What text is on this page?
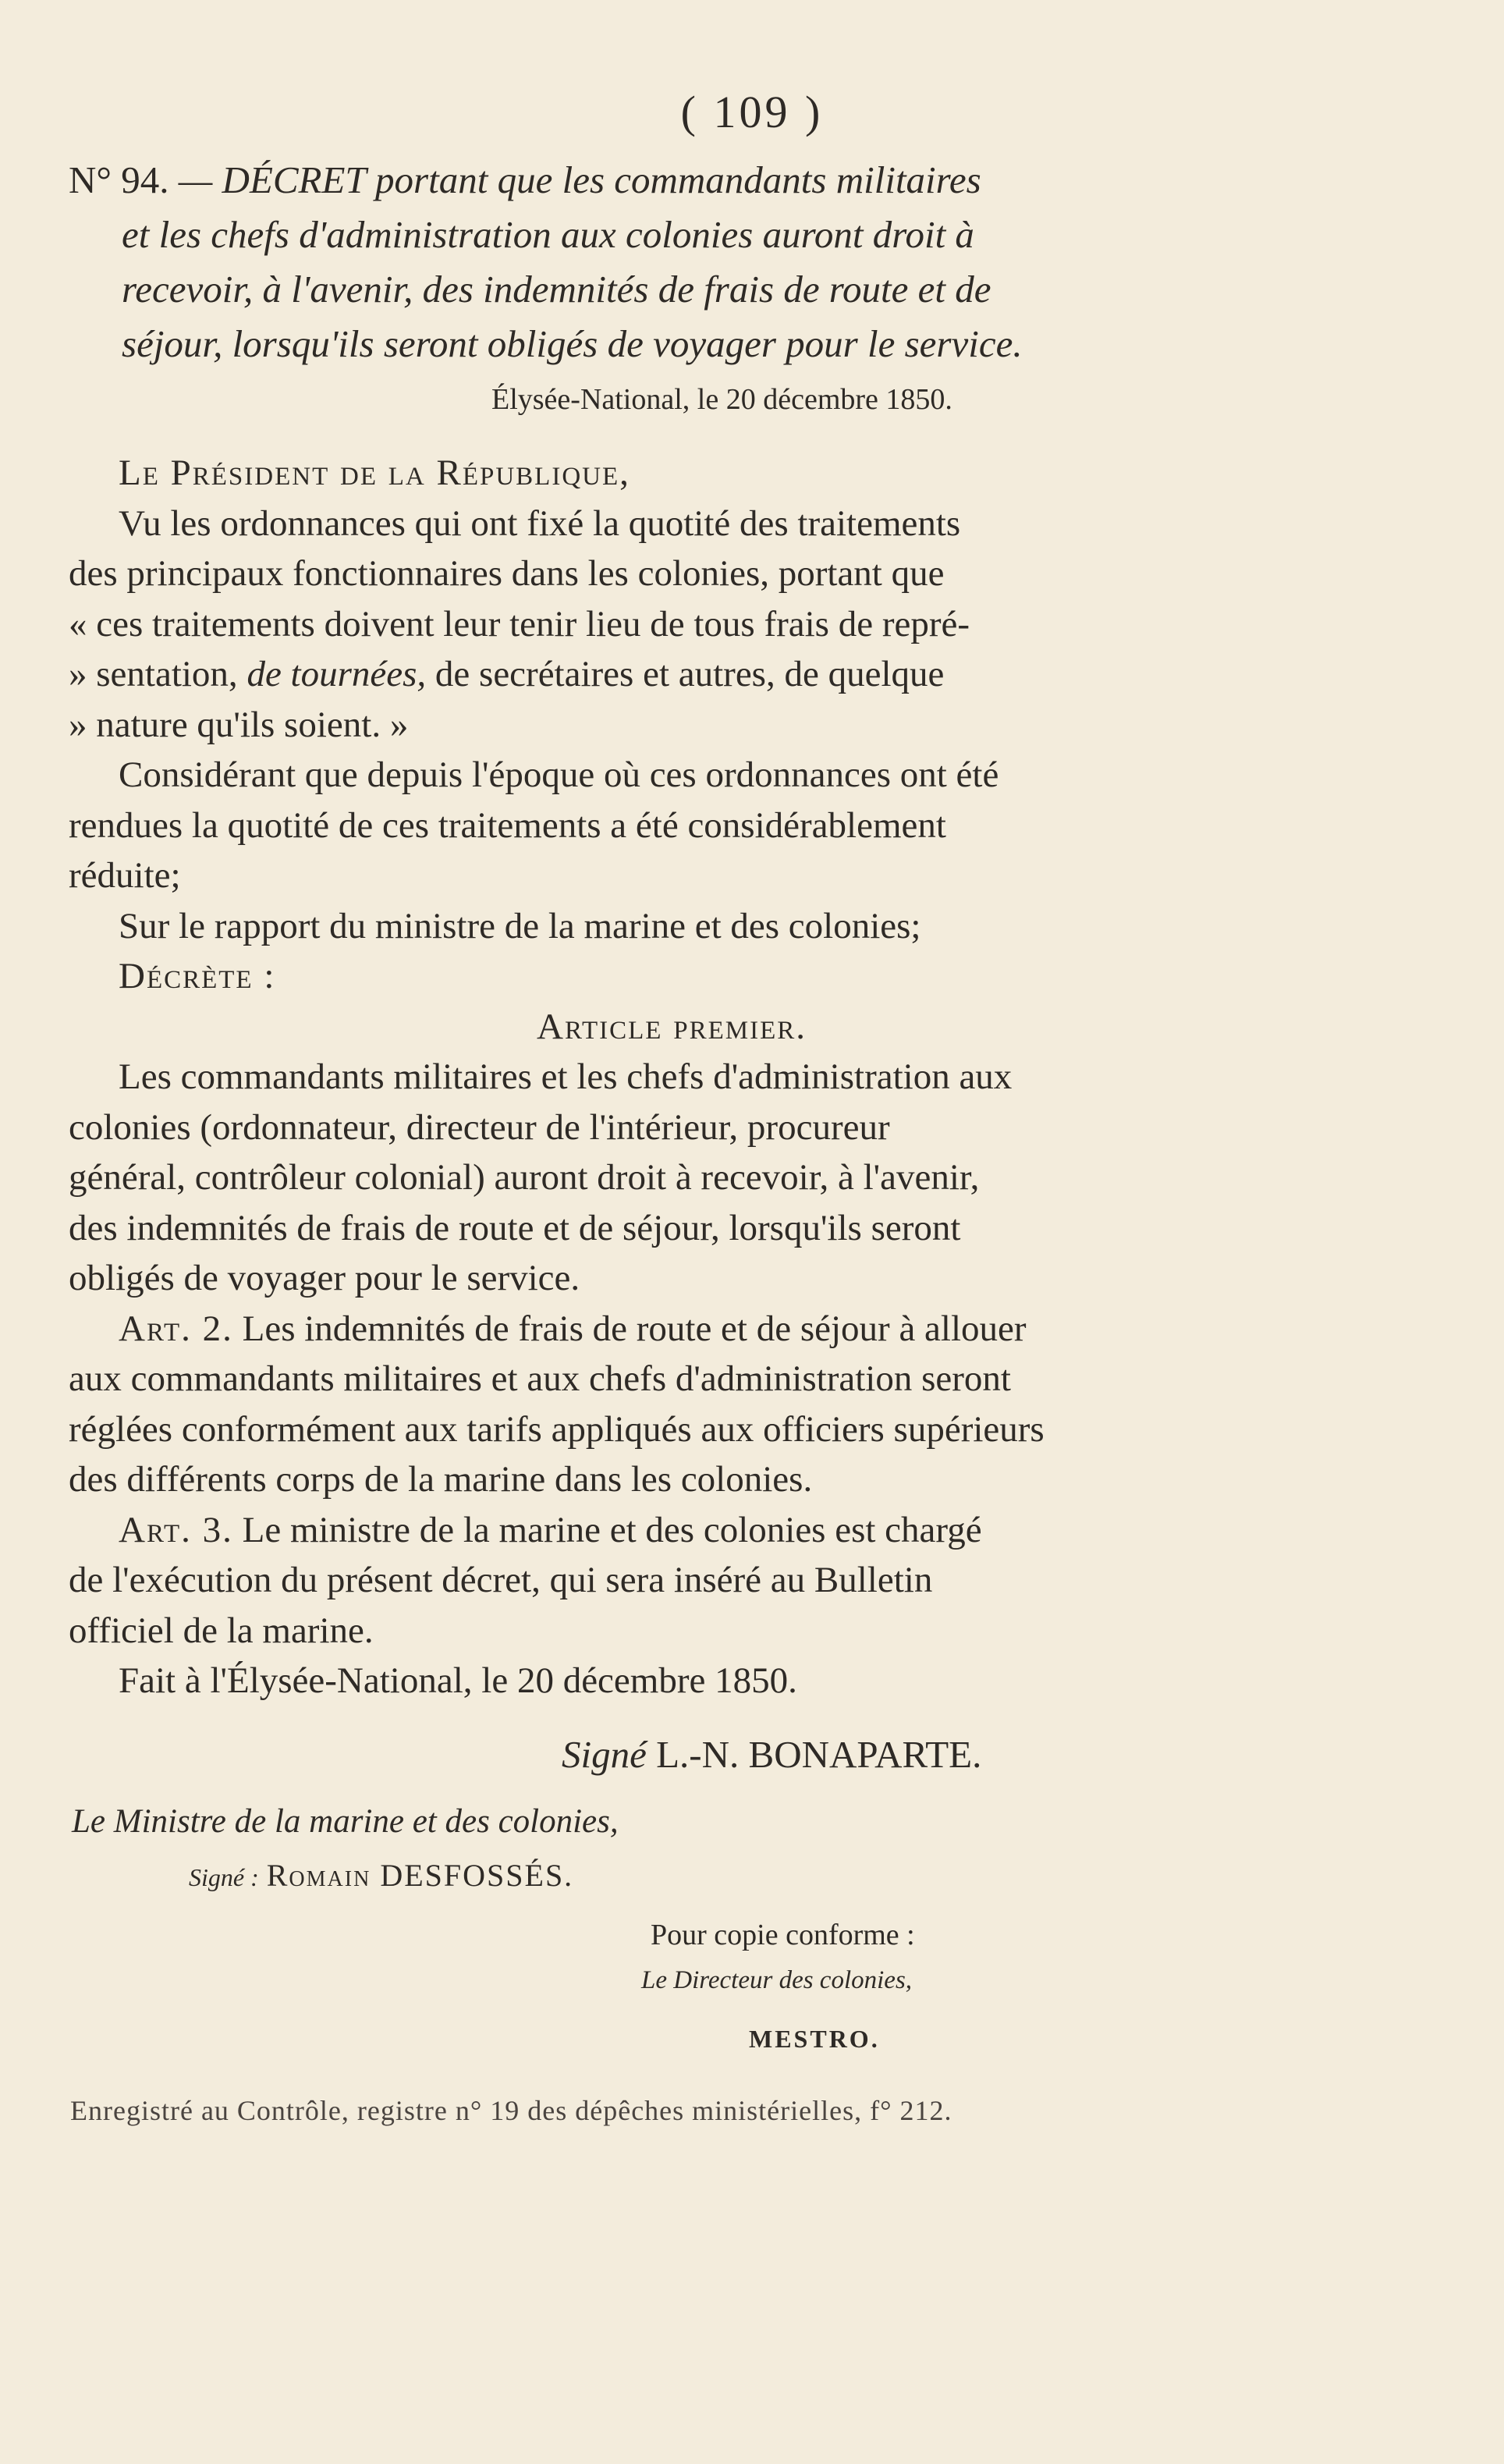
( 109 )
N° 94. — DÉCRET portant que les commandants militaires
et les chefs d'administration aux colonies auront droit à
recevoir, à l'avenir, des indemnités de frais de route et de
séjour, lorsqu'ils seront obligés de voyager pour le service.
Élysée-National, le 20 décembre 1850.

Le Président de la République,

Vu les ordonnances qui ont fixé la quotité des traitements

des principaux fonctionnaires dans les colonies, portant que

« ces traitements doivent leur tenir lieu de tous frais de repré-

» sentation, de tournées, de secrétaires et autres, de quelque

» nature qu'ils soient. »

Considérant que depuis l'époque où ces ordonnances ont été

rendues la quotité de ces traitements a été considérablement

réduite;

Sur le rapport du ministre de la marine et des colonies;

Décrète :

Article premier.

Les commandants militaires et les chefs d'administration aux

colonies (ordonnateur, directeur de l'intérieur, procureur

général, contrôleur colonial) auront droit à recevoir, à l'avenir,

des indemnités de frais de route et de séjour, lorsqu'ils seront

obligés de voyager pour le service.

Art. 2. Les indemnités de frais de route et de séjour à allouer

aux commandants militaires et aux chefs d'administration seront

réglées conformément aux tarifs appliqués aux officiers supérieurs

des différents corps de la marine dans les colonies.

Art. 3. Le ministre de la marine et des colonies est chargé

de l'exécution du présent décret, qui sera inséré au Bulletin

officiel de la marine.

Fait à l'Élysée-National, le 20 décembre 1850.

Signé L.-N. BONAPARTE.
Le Ministre de la marine et des colonies,
Signé : Romain DESFOSSÉS.
Pour copie conforme :
Le Directeur des colonies,
MESTRO.
Enregistré au Contrôle, registre n° 19 des dépêches ministérielles, f° 212.
